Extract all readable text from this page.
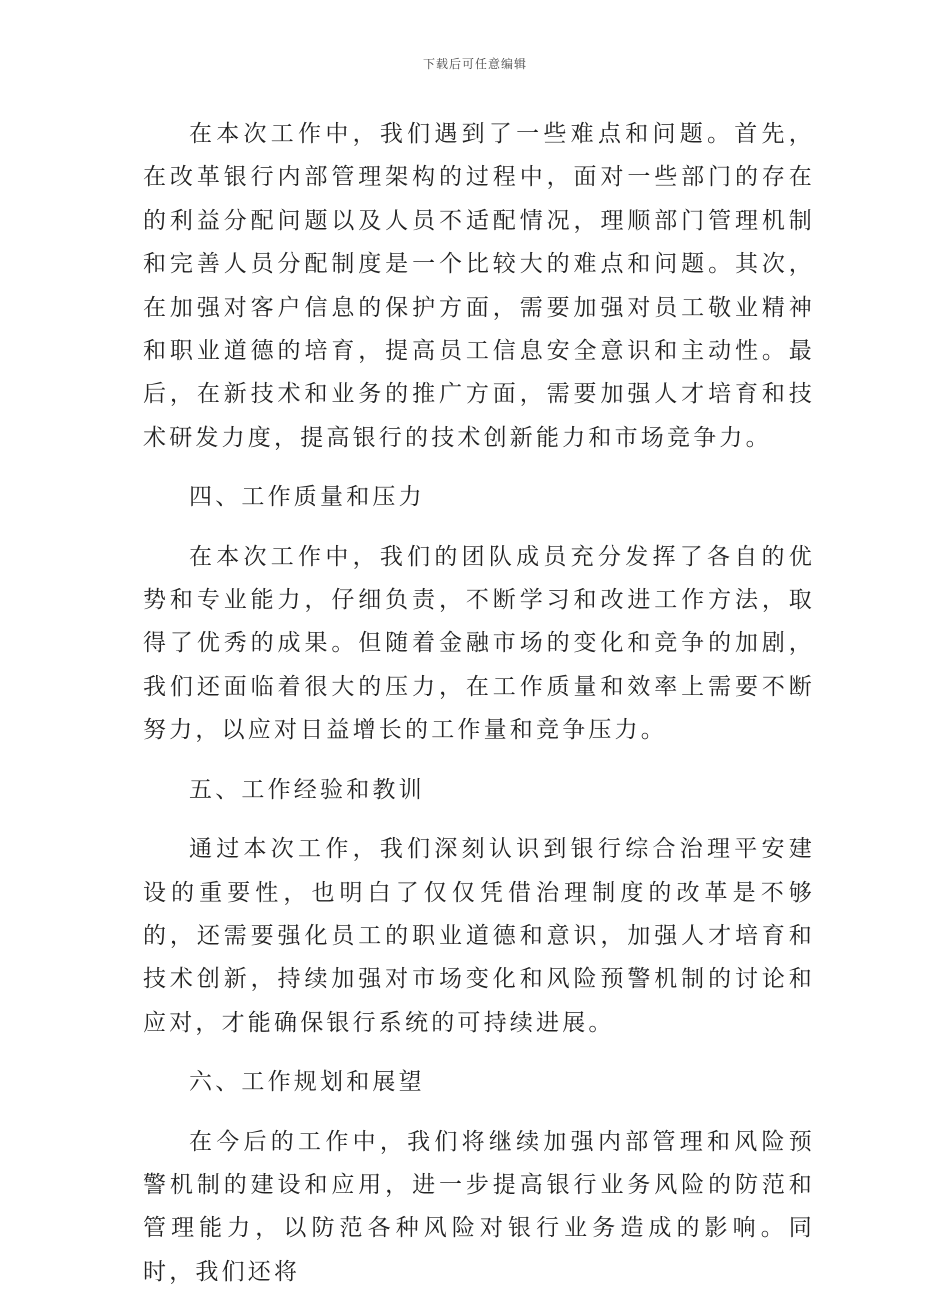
下载后可任意编辑

在本次工作中，我们遇到了一些难点和问题。首先，在改革银行内部管理架构的过程中，面对一些部门的存在的利益分配问题以及人员不适配情况，理顺部门管理机制和完善人员分配制度是一个比较大的难点和问题。其次，在加强对客户信息的保护方面，需要加强对员工敬业精神和职业道德的培育，提高员工信息安全意识和主动性。最后，在新技术和业务的推广方面，需要加强人才培育和技术研发力度，提高银行的技术创新能力和市场竞争力。

四、工作质量和压力

在本次工作中，我们的团队成员充分发挥了各自的优势和专业能力，仔细负责，不断学习和改进工作方法，取得了优秀的成果。但随着金融市场的变化和竞争的加剧，我们还面临着很大的压力，在工作质量和效率上需要不断努力，以应对日益增长的工作量和竞争压力。

五、工作经验和教训

通过本次工作，我们深刻认识到银行综合治理平安建设的重要性，也明白了仅仅凭借治理制度的改革是不够的，还需要强化员工的职业道德和意识，加强人才培育和技术创新，持续加强对市场变化和风险预警机制的讨论和应对，才能确保银行系统的可持续进展。

六、工作规划和展望

在今后的工作中，我们将继续加强内部管理和风险预警机制的建设和应用，进一步提高银行业务风险的防范和管理能力，以防范各种风险对银行业务造成的影响。同时，我们还将
